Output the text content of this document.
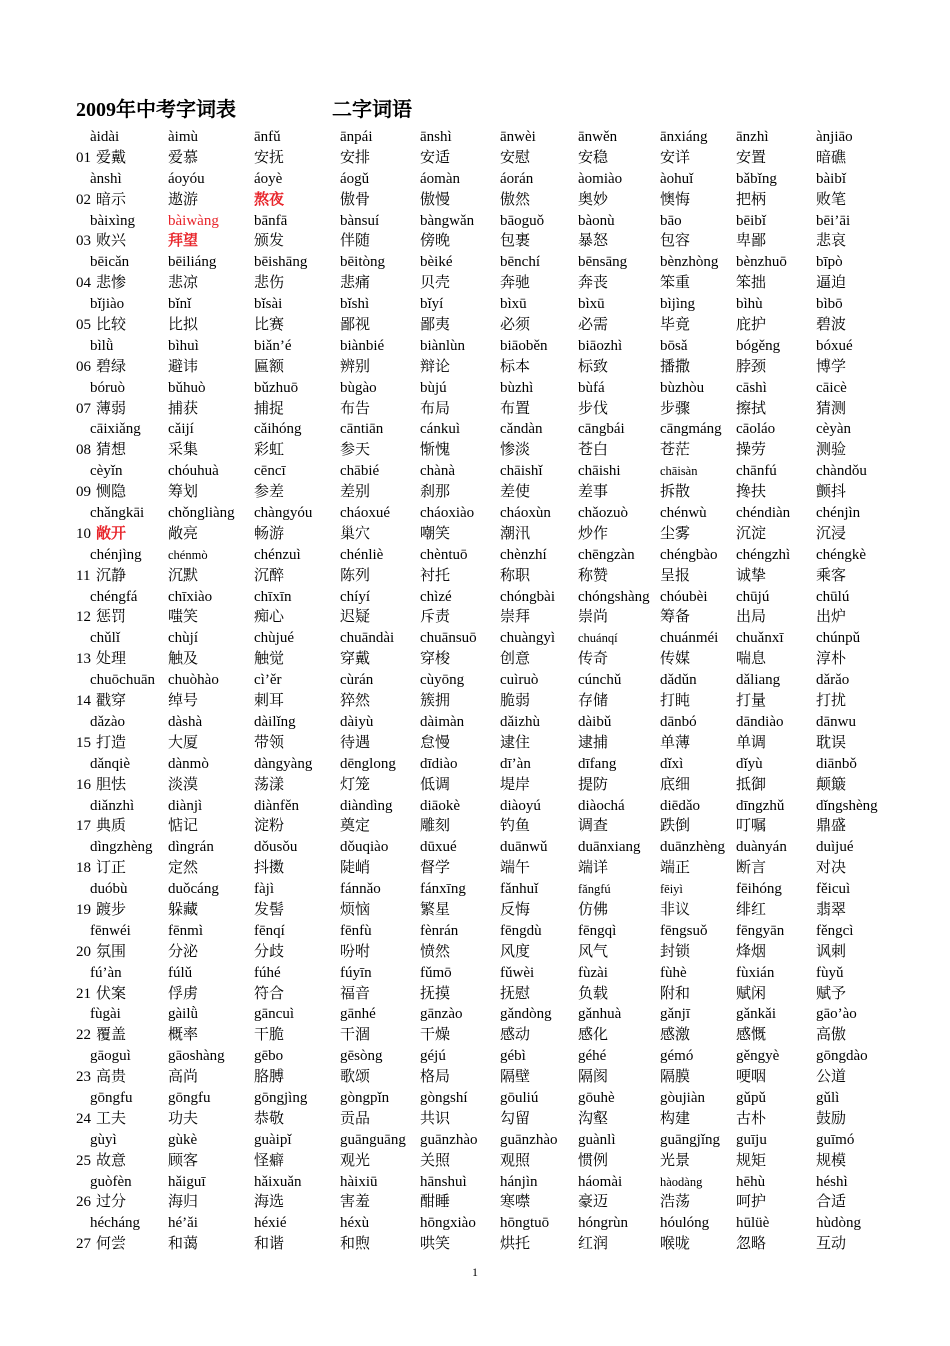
2009年中考字词表	二字词语
àidài	àimù	ānfǔ	ānpái	ānshì	ānwèi	ānwěn	ānxiáng ānzhì	ànjiāo
01 爱戴	爱慕	安抚	安排	安适	安慰	安稳	安详	安置	暗礁
ànshì	áoyóu	áoyè	áogǔ	áomàn	áorán	àomiào	àohuǐ	bǎbǐng	bàibǐ
02 暗示	遨游	熬夜	傲骨	傲慢	傲然	奥妙	懊悔	把柄	败笔
bàixìng bàiwàng bānfā	bànsuí	bàngwǎn bāoguǒ bàonù	bāo	bēibǐ	bēi’āi
03 败兴	拜望	颁发	伴随	傍晚	包裹	暴怒	包容	卑鄙	悲哀
bēicǎn	bēiliáng	bēishāng bēitòng bèiké	bēnchí	bēnsāng bènzhòng bènzhuō bīpò
04 悲惨	悲凉	悲伤	悲痛	贝壳	奔驰	奔丧	笨重	笨拙	逼迫
bǐjiào	bǐnǐ	bǐsài	bǐshì	bǐyí	bìxū	bìxū	bìjìng	bìhù	bìbō
05 比较	比拟	比赛	鄙视	鄙夷	必须	必需	毕竟	庇护	碧波
bìlǜ	bìhuì	biǎn’é	biànbié biànlùn biāoběn biāozhì	bōsǎ	bógěng bóxué
06 碧绿	避讳	匾额	辨别	辩论	标本	标致	播撒	脖颈	博学
bóruò	bǔhuò	bǔzhuō	bùgào	bùjú	bùzhì	bùfá	bùzhòu cāshì	cāicè
07 薄弱	捕获	捕捉	布告	布局	布置	步伐	步骤	擦拭	猜测
cāixiǎng cǎijí	cǎihóng	cāntiān cánkuì	cǎndàn cāngbái cāngmáng cāoláo	cèyàn
08 猜想	采集	彩虹	参天	惭愧	惨淡	苍白	苍茫	操劳	测验
cèyǐn	chóuhuà cēncī	chābié	chànà	chāishǐ chāishi	chāisàn	chānfú	chàndǒu
09 恻隐	筹划	参差	差别	刹那	差使	差事	拆散	搀扶	颤抖
chǎngkāi chǒngliàng chàngyóu cháoxué cháoxiào cháoxùn chǎozuò chénwù chéndiàn chénjìn
10 敞开	敞亮	畅游	巢穴	嘲笑	潮汛	炒作	尘雾	沉淀	沉浸
chénjìng chénmò	chénzuì	chénliè chèntuō chènzhí chēngzàn chéngbào chéngzhì chéngkè
11 沉静	沉默	沉醉	陈列	衬托	称职	称赞	呈报	诚挚	乘客
chéngfá chīxiào	chīxīn	chíyí	chìzé	chóngbài chóngshàng chóubèi chūjú	chūlú
12 惩罚	嗤笑	痴心	迟疑	斥责	崇拜	崇尚	筹备	出局	出炉
chǔlǐ	chùjí	chùjué	chuāndài chuānsuō chuàngyì chuánqí	chuánméi chuǎnxī chúnpǔ
13 处理	触及	触觉	穿戴	穿梭	创意	传奇	传媒	喘息	淳朴
chuōchuān chuòhào cì’ěr	cùrán	cùyōng cuìruò	cúnchǔ	dǎdǔn	dǎliang dǎrǎo
14 戳穿	绰号	刺耳	猝然	簇拥	脆弱	存储	打盹	打量	打扰
dǎzào	dàshà	dàilǐng	dàiyù	dàimàn dǎizhù	dàibǔ	dānbó	dāndiào dānwu
15 打造	大厦	带领	待遇	怠慢	逮住	逮捕	单薄	单调	耽误
dǎnqiè	dànmò	dàngyàng dēnglong dīdiào	dī’àn	dīfang	dǐxì	dǐyù	diānbǒ
16 胆怯	淡漠	荡漾	灯笼	低调	堤岸	提防	底细	抵御	颠簸
diǎnzhì diànjì	diànfěn	diàndìng diāokè	diàoyú diàochá diēdǎo dīngzhǔ dǐngshèng
17 典质	惦记	淀粉	奠定	雕刻	钓鱼	调查	跌倒	叮嘱	鼎盛
dìngzhèng dìngrán	dǒusǒu	dǒuqiào dūxué	duānwǔ duānxiang duānzhèng duànyán duìjué
18 订正	定然	抖擞	陡峭	督学	端午	端详	端正	断言	对决
duóbù	duǒcáng fàjì	fánnǎo	fánxīng fǎnhuǐ	fǎngfú	fēiyì	fēihóng fěicuì
19 踱步	躲藏	发髻	烦恼	繁星	反悔	仿佛	非议	绯红	翡翠
fēnwéi fēnmì	fēnqí	fēnfù	fènrán	fēngdù fēngqì	fēngsuǒ fēngyān fěngcì
20 氛围	分泌	分歧	吩咐	愤然	风度	风气	封锁	烽烟	讽刺
fú’àn	fúlǔ	fúhé	fúyīn	fǔmō	fǔwèi	fùzài	fùhè	fùxián	fùyǔ
21 伏案	俘虏	符合	福音	抚摸	抚慰	负载	附和	赋闲	赋予
fùgài	gàilǜ	gāncuì	gānhé	gānzào	gǎndòng gǎnhuà	gǎnjī	gǎnkǎi	gāo’ào
22 覆盖	概率	干脆	干涸	干燥	感动	感化	感激	感慨	高傲
gāoguì gāoshàng gēbo	gēsòng	géjú	gébì	géhé	gémó	gěngyè gōngdào
23 高贵	高尚	胳膊	歌颂	格局	隔壁	隔阂	隔膜	哽咽	公道
gōngfu gōngfu	gōngjìng gòngpǐn gòngshí gōuliú	gōuhè	gòujiàn gǔpǔ	gǔlì
24 工夫	功夫	恭敬	贡品	共识	勾留	沟壑	构建	古朴	鼓励
gùyì	gùkè	guàipǐ	guānguāng guānzhào guānzhào guànlì	guāngjǐng guīju	guīmó
25 故意	顾客	怪癖	观光	关照	观照	惯例	光景	规矩	规模
guòfèn hǎiguī	hǎixuǎn	hàixiū	hānshuì hánjìn	háomài	hàodàng hēhù	héshì
26 过分	海归	海选	害羞	酣睡	寒噤	豪迈	浩荡	呵护	合适
hécháng hé’ǎi	héxié	héxù	hōngxiào hōngtuō hóngrùn hóulóng hūlüè	hùdòng
27 何尝	和蔼	和谐	和煦	哄笑	烘托	红润	喉咙	忽略	互动
1
